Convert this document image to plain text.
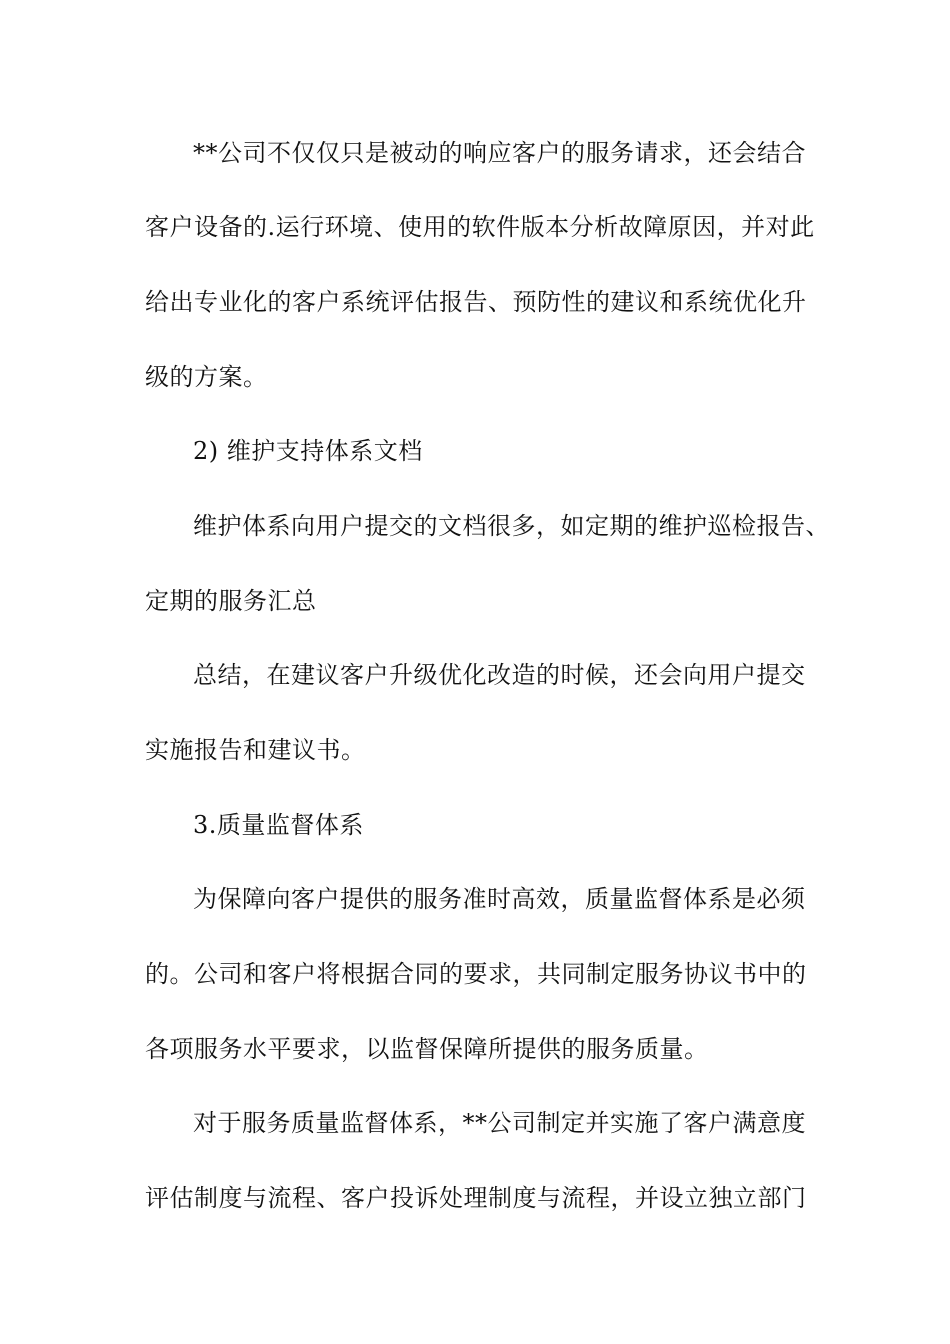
**公司不仅仅只是被动的响应客户的服务请求，还会结合
客户设备的.运行环境、使用的软件版本分析故障原因，并对此
给出专业化的客户系统评估报告、预防性的建议和系统优化升
级的方案。
2) 维护支持体系文档
维护体系向用户提交的文档很多，如定期的维护巡检报告、
定期的服务汇总
总结，在建议客户升级优化改造的时候，还会向用户提交
实施报告和建议书。
3.质量监督体系
为保障向客户提供的服务准时高效，质量监督体系是必须
的。公司和客户将根据合同的要求，共同制定服务协议书中的
各项服务水平要求，以监督保障所提供的服务质量。
对于服务质量监督体系，**公司制定并实施了客户满意度
评估制度与流程、客户投诉处理制度与流程，并设立独立部门
